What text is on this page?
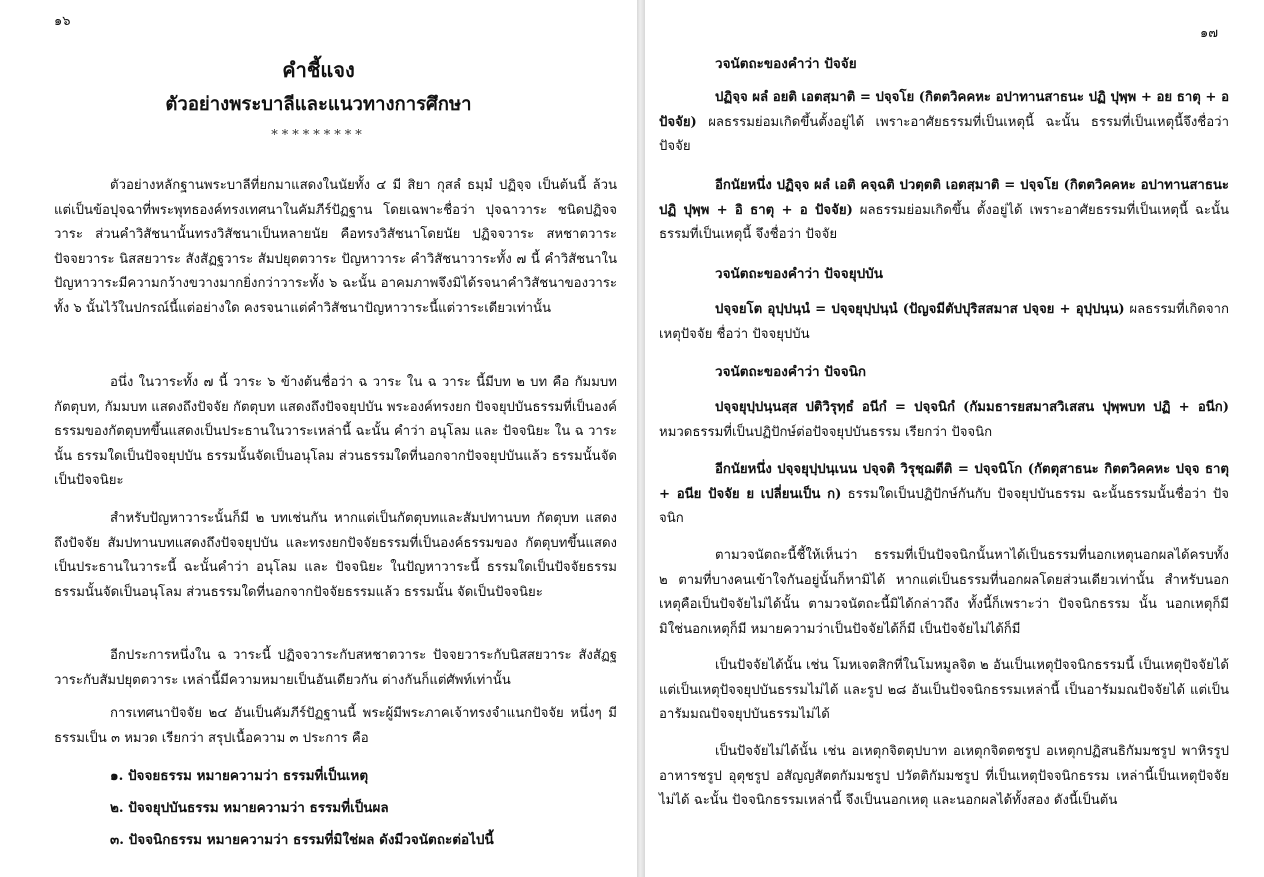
๑๖
คำชี้แจง
ตัวอย่างพระบาลีและแนวทางการศึกษา
*********
ตัวอย่างหลักฐานพระบาลีที่ยกมาแสดงในนัยทั้ง ๔ มี สิยา กุสลํ ธมฺมํ ปฏิจฺจ เป็นต้นนี้ ล้วนแต่เป็นข้อปุจฉาที่พระพุทธองค์ทรงเทศนาในคัมภีร์ปัฏฐาน โดยเฉพาะชื่อว่า ปุจฉาวาระ ชนิดปฏิจจวาระ ส่วนคำวิสัชนานั้นทรงวิสัชนาเป็นหลายนัย คือทรงวิสัชนาโดยนัย ปฏิจจวาระ สหชาตวาระ ปัจจยวาระ นิสสยวาระ สังสัฏฐวาระ สัมปยุตตวาระ ปัญหาวาระ คำวิสัชนาวาระทั้ง ๗ นี้ คำวิสัชนาในปัญหาวาระมีความกว้างขวางมากยิ่งกว่าวาระทั้ง ๖ ฉะนั้น อาคมภาพจึงมิได้รจนาคำวิสัชนาของวาระทั้ง ๖ นั้นไว้ในปกรณ์นี้แต่อย่างใด คงรจนาแต่คำวิสัชนาปัญหาวาระนี้แต่วาระเดียวเท่านั้น
อนึ่ง ในวาระทั้ง ๗ นี้ วาระ ๖ ข้างต้นชื่อว่า ฉ วาระ ใน ฉ วาระ นี้มีบท ๒ บท คือ กัมมบท กัตตุบท, กัมมบท แสดงถึงปัจจัย กัตตุบท แสดงถึงปัจจยุปบัน พระองค์ทรงยก ปัจจยุปบันธรรมที่เป็นองค์ธรรมของกัตตุบทขึ้นแสดงเป็นประธานในวาระเหล่านี้ ฉะนั้น คำว่า อนุโลม และ ปัจจนิยะ ใน ฉ วาระ นั้น ธรรมใดเป็นปัจจยุปบัน ธรรมนั้นจัดเป็นอนุโลม ส่วนธรรมใดที่นอกจากปัจจยุปบันแล้ว ธรรมนั้นจัดเป็นปัจจนิยะ
สำหรับปัญหาวาระนั้นก็มี ๒ บทเช่นกัน หากแต่เป็นกัตตุบทและสัมปทานบท กัตตุบท แสดงถึงปัจจัย สัมปทานบทแสดงถึงปัจจยุปบัน และทรงยกปัจจัยธรรมที่เป็นองค์ธรรมของ กัตตุบทขึ้นแสดงเป็นประธานในวาระนี้ ฉะนั้นคำว่า อนุโลม และ ปัจจนิยะ ในปัญหาวาระนี้ ธรรมใดเป็นปัจจัยธรรม ธรรมนั้นจัดเป็นอนุโลม ส่วนธรรมใดที่นอกจากปัจจัยธรรมแล้ว ธรรมนั้น จัดเป็นปัจจนิยะ
อีกประการหนึ่งใน ฉ วาระนี้ ปฏิจจวาระกับสหชาตวาระ ปัจจยวาระกับนิสสยวาระ สังสัฏฐวาระกับสัมปยุตตวาระ เหล่านี้มีความหมายเป็นอันเดียวกัน ต่างกันก็แต่ศัพท์เท่านั้น
การเทศนาปัจจัย ๒๔ อันเป็นคัมภีร์ปัฏฐานนี้ พระผู้มีพระภาคเจ้าทรงจำแนกปัจจัย หนึ่งๆ มีธรรมเป็น ๓ หมวด เรียกว่า สรุปเนื้อความ ๓ ประการ คือ
๑. ปัจจยธรรม หมายความว่า ธรรมที่เป็นเหตุ
๒. ปัจจยุปบันธรรม หมายความว่า ธรรมที่เป็นผล
๓. ปัจจนิกธรรม หมายความว่า ธรรมที่มิใช่ผล ดังมีวจนัตถะต่อไปนี้
๑๗
วจนัตถะของคำว่า ปัจจัย
ปฏิจฺจ ผลํ อยติ เอตสฺมาติ = ปจฺจโย (กิตตวิคคหะ อปาทานสาธนะ ปฏิ ปุพฺพ + อย ธาตุ + อ ปัจจัย) ผลธรรมย่อมเกิดขึ้นตั้งอยู่ได้ เพราะอาศัยธรรมที่เป็นเหตุนี้ ฉะนั้น ธรรมที่เป็นเหตุนี้จึงชื่อว่า ปัจจัย
อีกนัยหนึ่ง ปฏิจฺจ ผลํ เอติ คจฺฉติ ปวตฺตติ เอตสฺมาติ = ปจฺจโย (กิตตวิคคหะ อปาทานสาธนะ ปฏิ ปุพฺพ + อิ ธาตุ + อ ปัจจัย) ผลธรรมย่อมเกิดขึ้น ตั้งอยู่ได้ เพราะอาศัยธรรมที่เป็นเหตุนี้ ฉะนั้นธรรมที่เป็นเหตุนี้ จึงชื่อว่า ปัจจัย
วจนัตถะของคำว่า ปัจจยุปบัน
ปจฺจยโต อุปฺปนฺนํ = ปจฺจยุปฺปนฺนํ (ปัญจมีตัปปุริสสมาส ปจฺจย + อุปฺปนฺน) ผลธรรมที่เกิดจากเหตุปัจจัย ชื่อว่า ปัจจยุปบัน
วจนัตถะของคำว่า ปัจจนิก
ปจฺจยุปฺปนฺนสฺส ปติวิรุทฺธํ อนีกํ = ปจฺจนิกํ (กัมมธารยสมาสวิเสสน ปุพฺพบท ปฏิ + อนีก) หมวดธรรมที่เป็นปฏิปักษ์ต่อปัจจยุปบันธรรม เรียกว่า ปัจจนิก
อีกนัยหนึ่ง ปจฺจยุปฺปนฺเนน ปจฺจติ วิรุชฺฌตีติ = ปจฺจนิโก (กัตตุสาธนะ กิตตวิคคหะ ปจฺจ ธาตุ + อนีย ปัจจัย ย เปลี่ยนเป็น ก) ธรรมใดเป็นปฏิปักษ์กันกับ ปัจจยุปบันธรรม ฉะนั้นธรรมนั้นชื่อว่า ปัจจนิก
ตามวจนัตถะนี้ชี้ให้เห็นว่า ธรรมที่เป็นปัจจนิกนั้นหาได้เป็นธรรมที่นอกเหตุนอกผลได้ครบทั้ง ๒ ตามที่บางคนเข้าใจกันอยู่นั้นก็หามิได้ หากแต่เป็นธรรมที่นอกผลโดยส่วนเดียวเท่านั้น สำหรับนอกเหตุคือเป็นปัจจัยไม่ได้นั้น ตามวจนัตถะนี้มิได้กล่าวถึง ทั้งนี้ก็เพราะว่า ปัจจนิกธรรม นั้น นอกเหตุก็มี มิใช่นอกเหตุก็มี หมายความว่าเป็นปัจจัยได้ก็มี เป็นปัจจัยไม่ได้ก็มี
เป็นปัจจัยได้นั้น เช่น โมหเจตสิกที่ในโมหมูลจิต ๒ อันเป็นเหตุปัจจนิกธรรมนี้ เป็นเหตุปัจจัยได้ แต่เป็นเหตุปัจจยุปบันธรรมไม่ได้ และรูป ๒๘ อันเป็นปัจจนิกธรรมเหล่านี้ เป็นอารัมมณปัจจัยได้ แต่เป็นอารัมมณปัจจยุปบันธรรมไม่ได้
เป็นปัจจัยไม่ได้นั้น เช่น อเหตุกจิตตุปบาท อเหตุกจิตตชรูป อเหตุกปฏิสนธิกัมมชรูป พาหิรรูป อาหารชรูป อุตุชรูป อสัญญสัตตกัมมชรูป ปวัตติกัมมชรูป ที่เป็นเหตุปัจจนิกธรรม เหล่านี้เป็นเหตุปัจจัยไม่ได้ ฉะนั้น ปัจจนิกธรรมเหล่านี้ จึงเป็นนอกเหตุ และนอกผลได้ทั้งสอง ดังนี้เป็นต้น
